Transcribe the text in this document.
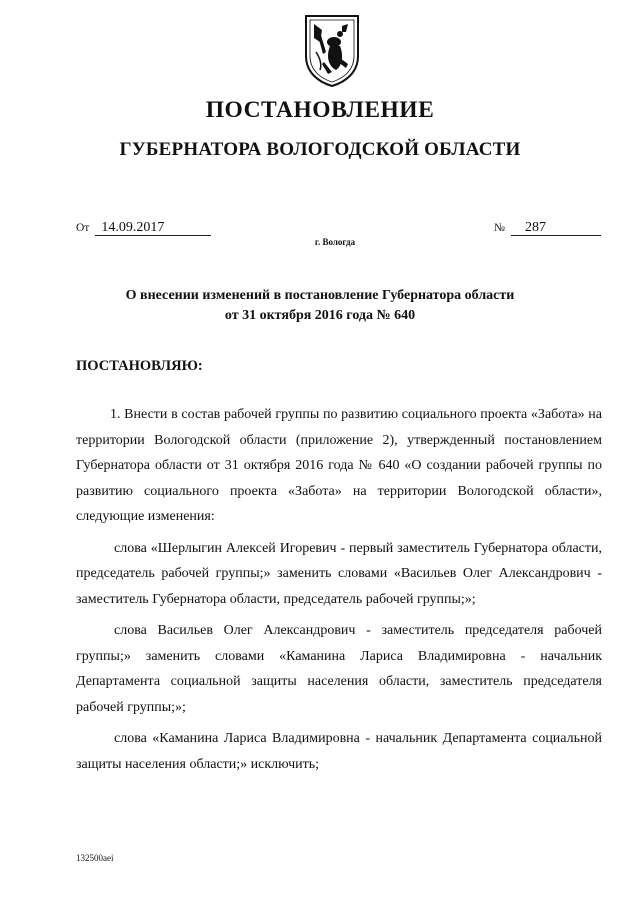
ПОСТАНОВЛЕНИЕ
ГУБЕРНАТОРА ВОЛОГОДСКОЙ ОБЛАСТИ
От 14.09.2017	№ 287
г. Вологда
О внесении изменений в постановление Губернатора области
от 31 октября 2016 года № 640
ПОСТАНОВЛЯЮ:

1. Внести в состав рабочей группы по развитию социального проекта «Забота» на территории Вологодской области (приложение 2), утвержденный постановлением Губернатора области от 31 октября 2016 года № 640 «О создании рабочей группы по развитию социального проекта «Забота» на территории Вологодской области», следующие изменения:

слова «Шерлыгин Алексей Игоревич - первый заместитель Губернатора области, председатель рабочей группы;» заменить словами «Васильев Олег Александрович - заместитель Губернатора области, председатель рабочей группы;»;

слова Васильев Олег Александрович - заместитель председателя рабочей группы;» заменить словами «Каманина Лариса Владимировна - начальник Департамента социальной защиты населения области, заместитель председателя рабочей группы;»;

слова «Каманина Лариса Владимировна - начальник Департамента социальной защиты населения области;» исключить;

132500aei
